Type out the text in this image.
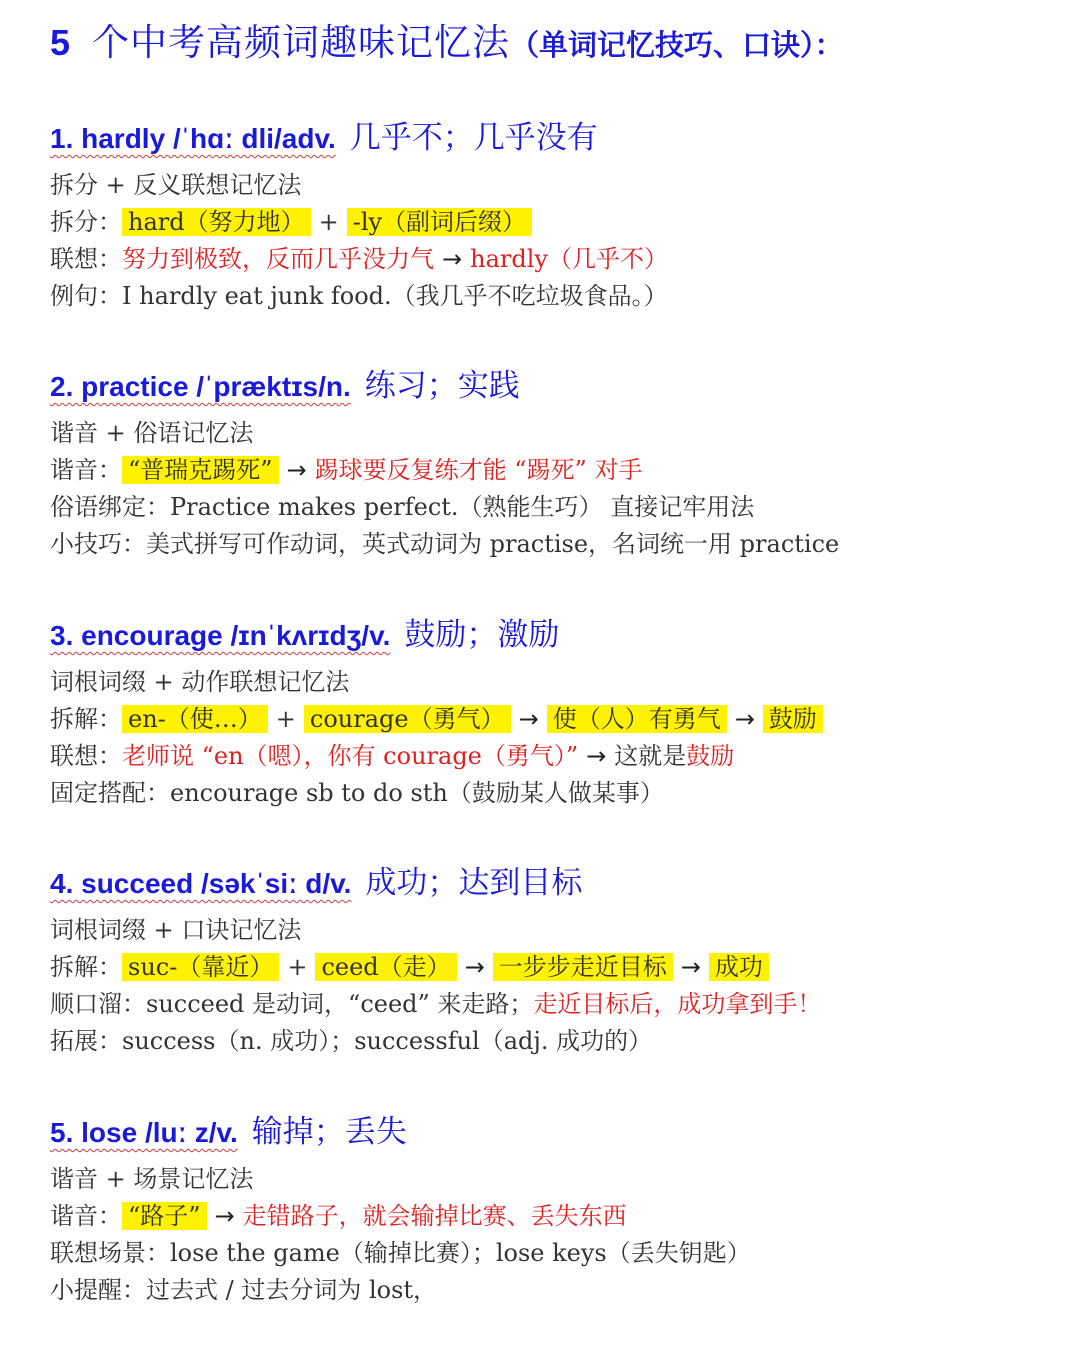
5 个中考高频词趣味记忆法（单词记忆技巧、口诀）：
1. hardly /ˈhɑː dli/adv. 几乎不；几乎没有
拆分 + 反义联想记忆法
拆分： hard（努力地） + -ly（副词后缀）
联想：努力到极致，反而几乎没力气 → hardly（几乎不）
例句：I hardly eat junk food.（我几乎不吃垃圾食品。）
2. practice /ˈpræktɪs/n. 练习；实践
谐音 + 俗语记忆法
谐音： “普瑞克踢死” → 踢球要反复练才能 “踢死” 对手
俗语绑定：Practice makes perfect.（熟能生巧） 直接记牢用法
小技巧：美式拼写可作动词，英式动词为 practise，名词统一用 practice
3. encourage /ɪnˈkʌrɪdʒ/v. 鼓励；激励
词根词缀 + 动作联想记忆法
拆解： en-（使…） + courage（勇气） → 使（人）有勇气 → 鼓励
联想：老师说 “en（嗯），你有 courage（勇气）” → 这就是鼓励
固定搭配：encourage sb to do sth（鼓励某人做某事）
4. succeed /səkˈsiː d/v. 成功；达到目标
词根词缀 + 口诀记忆法
拆解： suc-（靠近） + ceed（走） → 一步步走近目标 → 成功
顺口溜：succeed 是动词，“ceed” 来走路；走近目标后，成功拿到手！
拓展：success（n. 成功）；successful（adj. 成功的）
5. lose /luː z/v. 输掉；丢失
谐音 + 场景记忆法
谐音： “路子” → 走错路子，就会输掉比赛、丢失东西
联想场景：lose the game（输掉比赛）；lose keys（丢失钥匙）
小提醒：过去式 / 过去分词为 lost，
